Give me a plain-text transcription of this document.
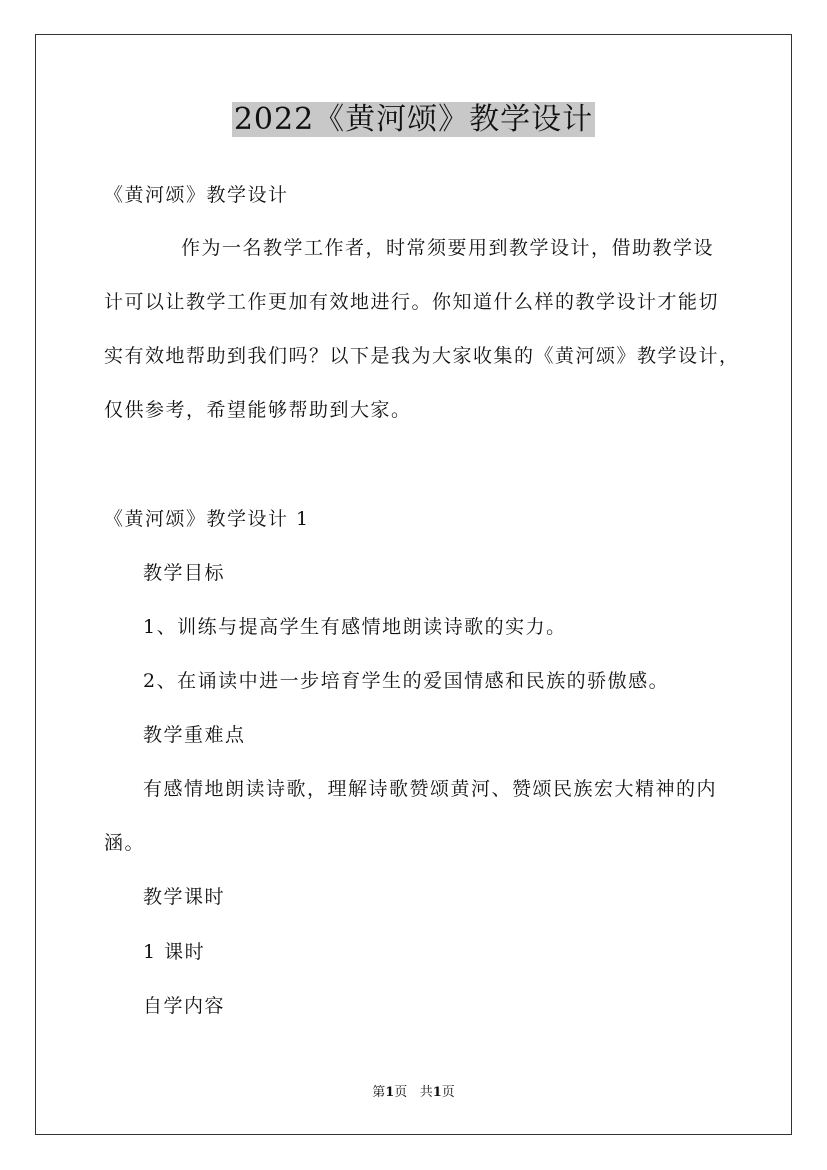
2022《黄河颂》教学设计
《黄河颂》教学设计
作为一名教学工作者，时常须要用到教学设计，借助教学设
计可以让教学工作更加有效地进行。你知道什么样的教学设计才能切
实有效地帮助到我们吗？以下是我为大家收集的《黄河颂》教学设计，
仅供参考，希望能够帮助到大家。
《黄河颂》教学设计 1
教学目标
1、训练与提高学生有感情地朗读诗歌的实力。
2、在诵读中进一步培育学生的爱国情感和民族的骄傲感。
教学重难点
有感情地朗读诗歌，理解诗歌赞颂黄河、赞颂民族宏大精神的内
涵。
教学课时
1 课时
自学内容
第1页 共1页
